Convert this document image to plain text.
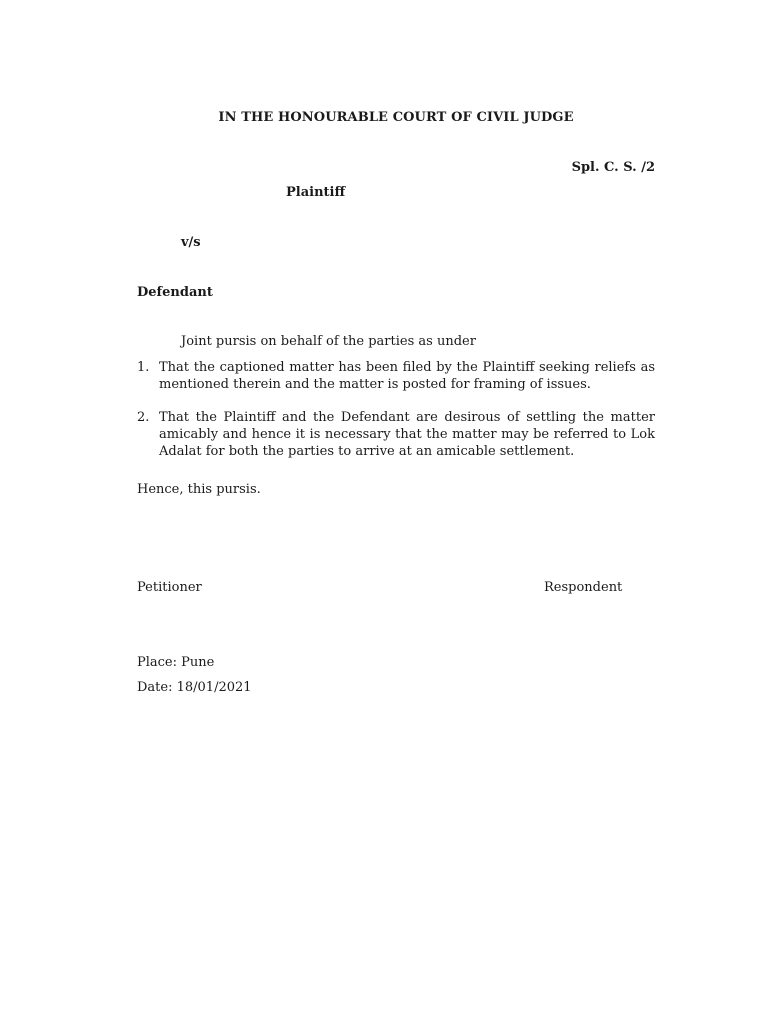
IN THE HONOURABLE COURT OF CIVIL JUDGE
Spl. C. S. /2
Plaintiff
v/s
Defendant
Joint pursis on behalf of the parties as under
1. That the captioned matter has been filed by the Plaintiff seeking reliefs as mentioned therein and the matter is posted for framing of issues.
2. That the Plaintiff and the Defendant are desirous of settling the matter amicably and hence it is necessary that the matter may be referred to Lok Adalat for both the parties to arrive at an amicable settlement.
Hence, this pursis.
Petitioner	Respondent
Place: Pune
Date: 18/01/2021
